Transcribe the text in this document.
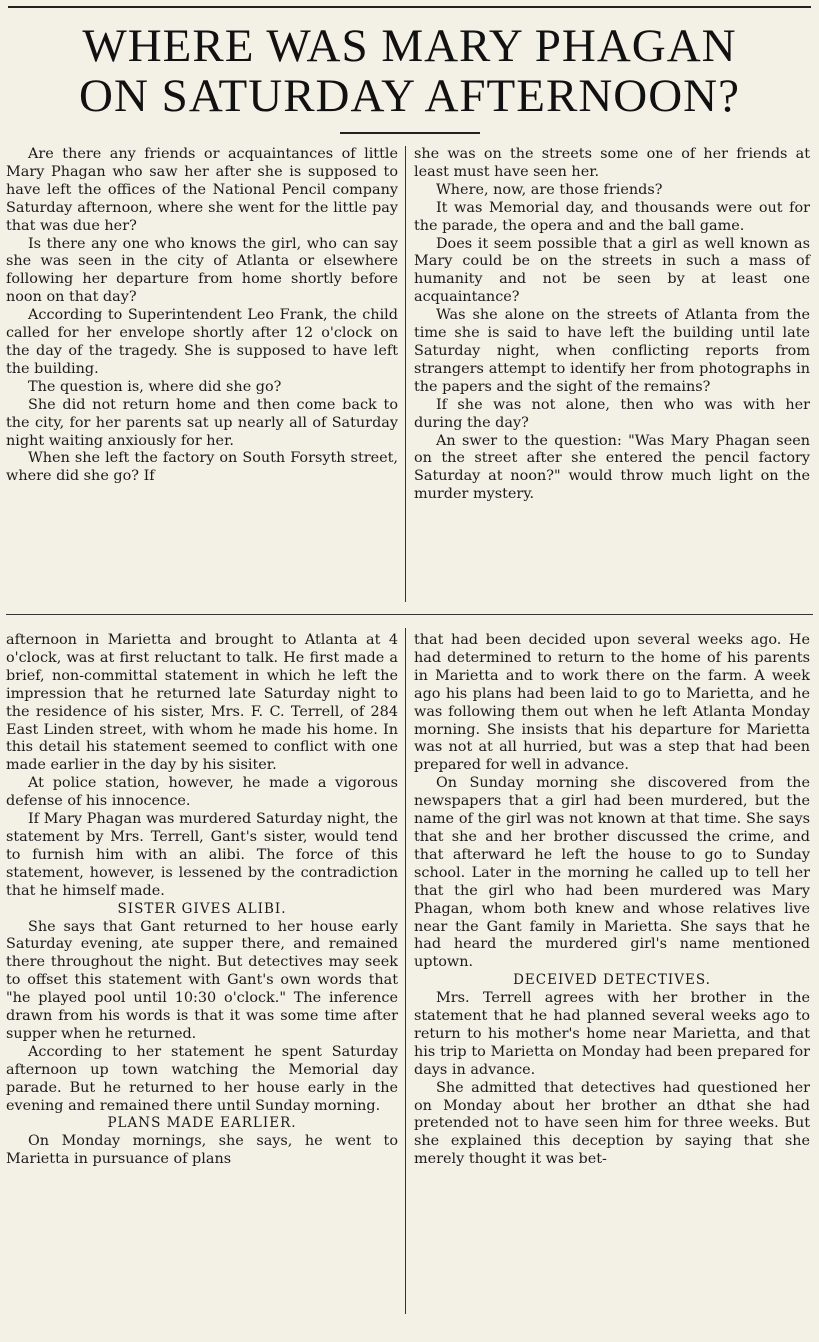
WHERE WAS MARY PHAGAN
ON SATURDAY AFTERNOON?

Are there any friends or acquaintances of little Mary Phagan who saw her after she is supposed to have left the offices of the National Pencil company Saturday afternoon, where she went for the little pay that was due her?

Is there any one who knows the girl, who can say she was seen in the city of Atlanta or elsewhere following her departure from home shortly before noon on that day?

According to Superintendent Leo Frank, the child called for her envelope shortly after 12 o'clock on the day of the tragedy. She is supposed to have left the building.

The question is, where did she go?

She did not return home and then come back to the city, for her parents sat up nearly all of Saturday night waiting anxiously for her.

When she left the factory on South Forsyth street, where did she go? If

she was on the streets some one of her friends at least must have seen her.

Where, now, are those friends?

It was Memorial day, and thousands were out for the parade, the opera and and the ball game.

Does it seem possible that a girl as well known as Mary could be on the streets in such a mass of humanity and not be seen by at least one acquaintance?

Was she alone on the streets of Atlanta from the time she is said to have left the building until late Saturday night, when conflicting reports from strangers attempt to identify her from photographs in the papers and the sight of the remains?

If she was not alone, then who was with her during the day?

An swer to the question: "Was Mary Phagan seen on the street after she entered the pencil factory Saturday at noon?" would throw much light on the murder mystery.

afternoon in Marietta and brought to Atlanta at 4 o'clock, was at first reluctant to talk. He first made a brief, non-committal statement in which he left the impression that he returned late Saturday night to the residence of his sister, Mrs. F. C. Terrell, of 284 East Linden street, with whom he made his home. In this detail his statement seemed to conflict with one made earlier in the day by his sisiter.

At police station, however, he made a vigorous defense of his innocence.

If Mary Phagan was murdered Saturday night, the statement by Mrs. Terrell, Gant's sister, would tend to furnish him with an alibi. The force of this statement, however, is lessened by the contradiction that he himself made.

SISTER GIVES ALIBI.

She says that Gant returned to her house early Saturday evening, ate supper there, and remained there throughout the night. But detectives may seek to offset this statement with Gant's own words that "he played pool until 10:30 o'clock." The inference drawn from his words is that it was some time after supper when he returned.

According to her statement he spent Saturday afternoon up town watching the Memorial day parade. But he returned to her house early in the evening and remained there until Sunday morning.

PLANS MADE EARLIER.

On Monday mornings, she says, he went to Marietta in pursuance of plans

that had been decided upon several weeks ago. He had determined to return to the home of his parents in Marietta and to work there on the farm. A week ago his plans had been laid to go to Marietta, and he was following them out when he left Atlanta Monday morning. She insists that his departure for Marietta was not at all hurried, but was a step that had been prepared for well in advance.

On Sunday morning she discovered from the newspapers that a girl had been murdered, but the name of the girl was not known at that time. She says that she and her brother discussed the crime, and that afterward he left the house to go to Sunday school. Later in the morning he called up to tell her that the girl who had been murdered was Mary Phagan, whom both knew and whose relatives live near the Gant family in Marietta. She says that he had heard the murdered girl's name mentioned uptown.

DECEIVED DETECTIVES.

Mrs. Terrell agrees with her brother in the statement that he had planned several weeks ago to return to his mother's home near Marietta, and that his trip to Marietta on Monday had been prepared for days in advance.

She admitted that detectives had questioned her on Monday about her brother an dthat she had pretended not to have seen him for three weeks. But she explained this deception by saying that she merely thought it was bet-
